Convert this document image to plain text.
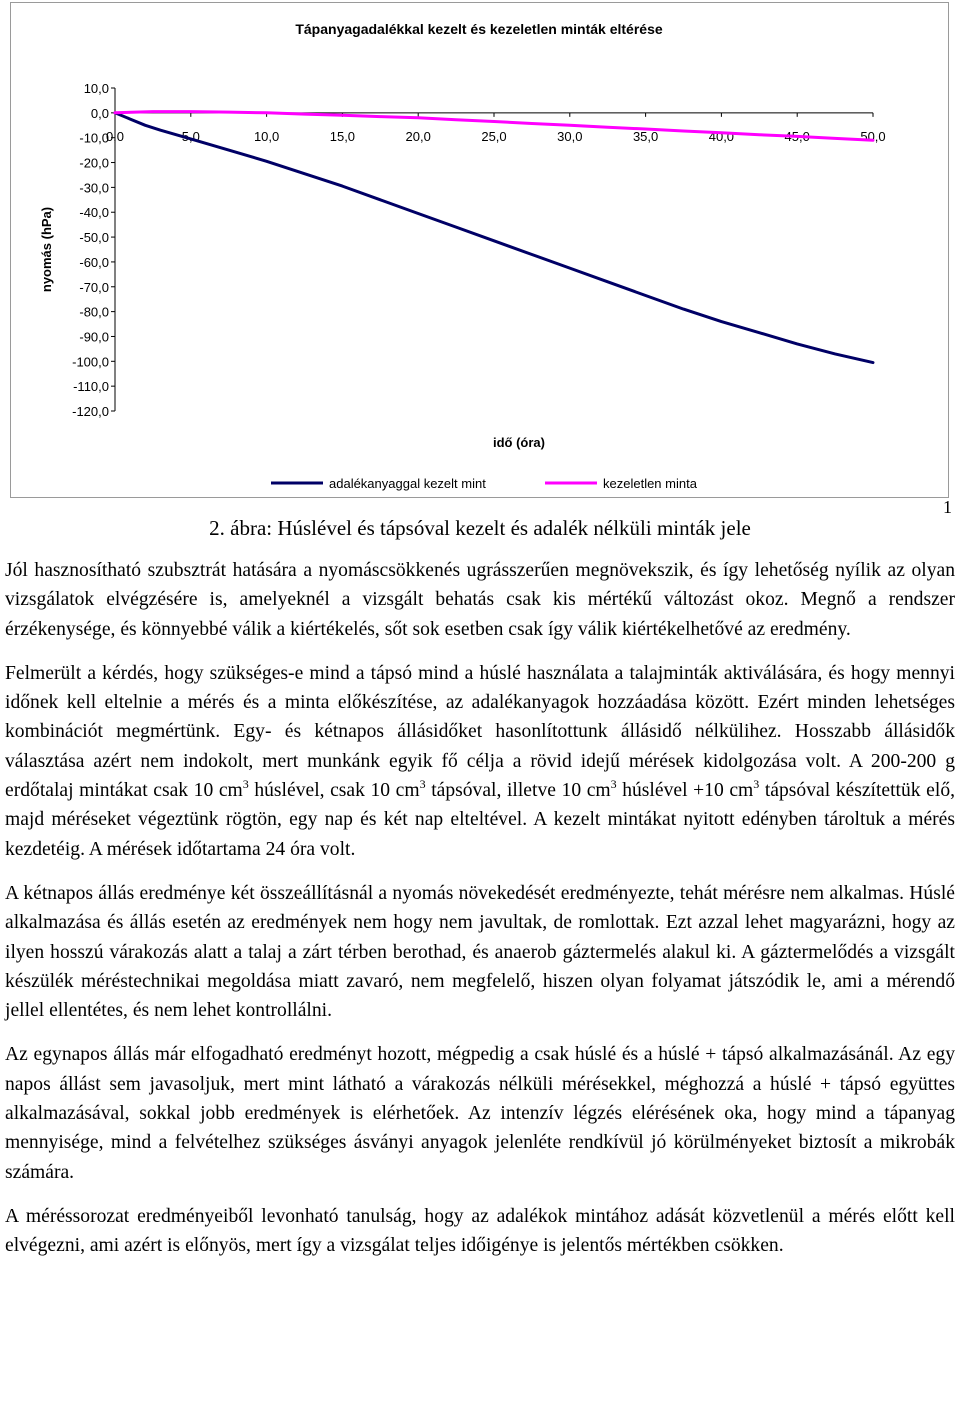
Tápanyagadalékkal kezelt és kezeletlen minták eltérése
nyomás (hPa)
10,0
0,0
-10,0
-20,0
-30,0
-40,0
-50,0
-60,0
-70,0
-80,0
-90,0
-100,0
-110,0
-120,0
0,0	5,0	10,0	15,0	20,0	25,0	30,0	35,0	40,0	45,0	50,0
idő (óra)
adalékanyaggal kezelt mint	kezeletlen minta
1
2. ábra: Húslével és tápsóval kezelt és adalék nélküli minták jele

Jól hasznosítható szubsztrát hatására a nyomáscsökkenés ugrásszerűen megnövekszik, és így lehetőség nyílik az olyan vizsgálatok elvégzésére is, amelyeknél a vizsgált behatás csak kis mértékű változást okoz. Megnő a rendszer érzékenysége, és könnyebbé válik a kiértékelés, sőt sok esetben csak így válik kiértékelhetővé az eredmény.

Felmerült a kérdés, hogy szükséges-e mind a tápsó mind a húslé használata a talajminták aktiválására, és hogy mennyi időnek kell eltelnie a mérés és a minta előkészítése, az adalékanyagok hozzáadása között. Ezért minden lehetséges kombinációt megmértünk. Egy- és kétnapos állásidőket hasonlítottunk állásidő nélkülihez. Hosszabb állásidők választása azért nem indokolt, mert munkánk egyik fő célja a rövid idejű mérések kidolgozása volt. A 200-200 g erdőtalaj mintákat csak 10 $cm^3$ húslével, csak 10 $cm^3$ tápsóval, illetve 10 $cm^3$ húslével +10 $cm^3$ tápsóval készítettük elő, majd méréseket végeztünk rögtön, egy nap és két nap elteltével. A kezelt mintákat nyitott edényben tároltuk a mérés kezdetéig. A mérések időtartama 24 óra volt.

A kétnapos állás eredménye két összeállításnál a nyomás növekedését eredményezte, tehát mérésre nem alkalmas. Húslé alkalmazása és állás esetén az eredmények nem hogy nem javultak, de romlottak. Ezt azzal lehet magyarázni, hogy az ilyen hosszú várakozás alatt a talaj a zárt térben berothad, és anaerob gáztermelés alakul ki. A gáztermelődés a vizsgált készülék méréstechnikai megoldása miatt zavaró, nem megfelelő, hiszen olyan folyamat játszódik le, ami a mérendő jellel ellentétes, és nem lehet kontrollálni.

Az egynapos állás már elfogadható eredményt hozott, mégpedig a csak húslé és a húslé + tápsó alkalmazásánál. Az egy napos állást sem javasoljuk, mert mint látható a várakozás nélküli mérésekkel, méghozzá a húslé + tápsó együttes alkalmazásával, sokkal jobb eredmények is elérhetőek. Az intenzív légzés elérésének oka, hogy mind a tápanyag mennyisége, mind a felvételhez szükséges ásványi anyagok jelenléte rendkívül jó körülményeket biztosít a mikrobák számára.

A méréssorozat eredményeiből levonható tanulság, hogy az adalékok mintához adását közvetlenül a mérés előtt kell elvégezni, ami azért is előnyös, mert így a vizsgálat teljes időigénye is jelentős mértékben csökken.
